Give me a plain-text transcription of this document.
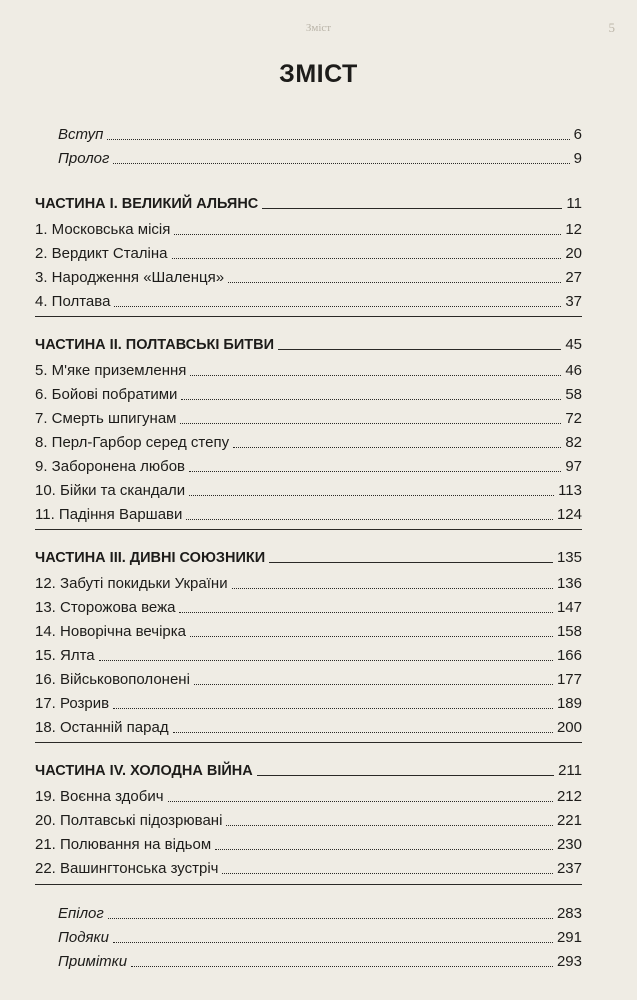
Зміст	5
ЗМІСТ
Вступ	6
Пролог	9
ЧАСТИНА І. ВЕЛИКИЙ АЛЬЯНС	11
1. Московська місія	12
2. Вердикт Сталіна	20
3. Народження «Шаленця»	27
4. Полтава	37
ЧАСТИНА ІІ. ПОЛТАВСЬКІ БИТВИ	45
5. М'яке приземлення	46
6. Бойові побратими	58
7. Смерть шпигунам	72
8. Перл-Гарбор серед степу	82
9. Заборонена любов	97
10. Бійки та скандали	113
11. Падіння Варшави	124
ЧАСТИНА ІІІ. ДИВНІ СОЮЗНИКИ	135
12. Забуті покидьки України	136
13. Сторожова вежа	147
14. Новорічна вечірка	158
15. Ялта	166
16. Військовополонені	177
17. Розрив	189
18. Останній парад	200
ЧАСТИНА IV. ХОЛОДНА ВІЙНА	211
19. Воєнна здобич	212
20. Полтавські підозрювані	221
21. Полювання на відьом	230
22. Вашингтонська зустріч	237
Епілог	283
Подяки	291
Примітки	293
